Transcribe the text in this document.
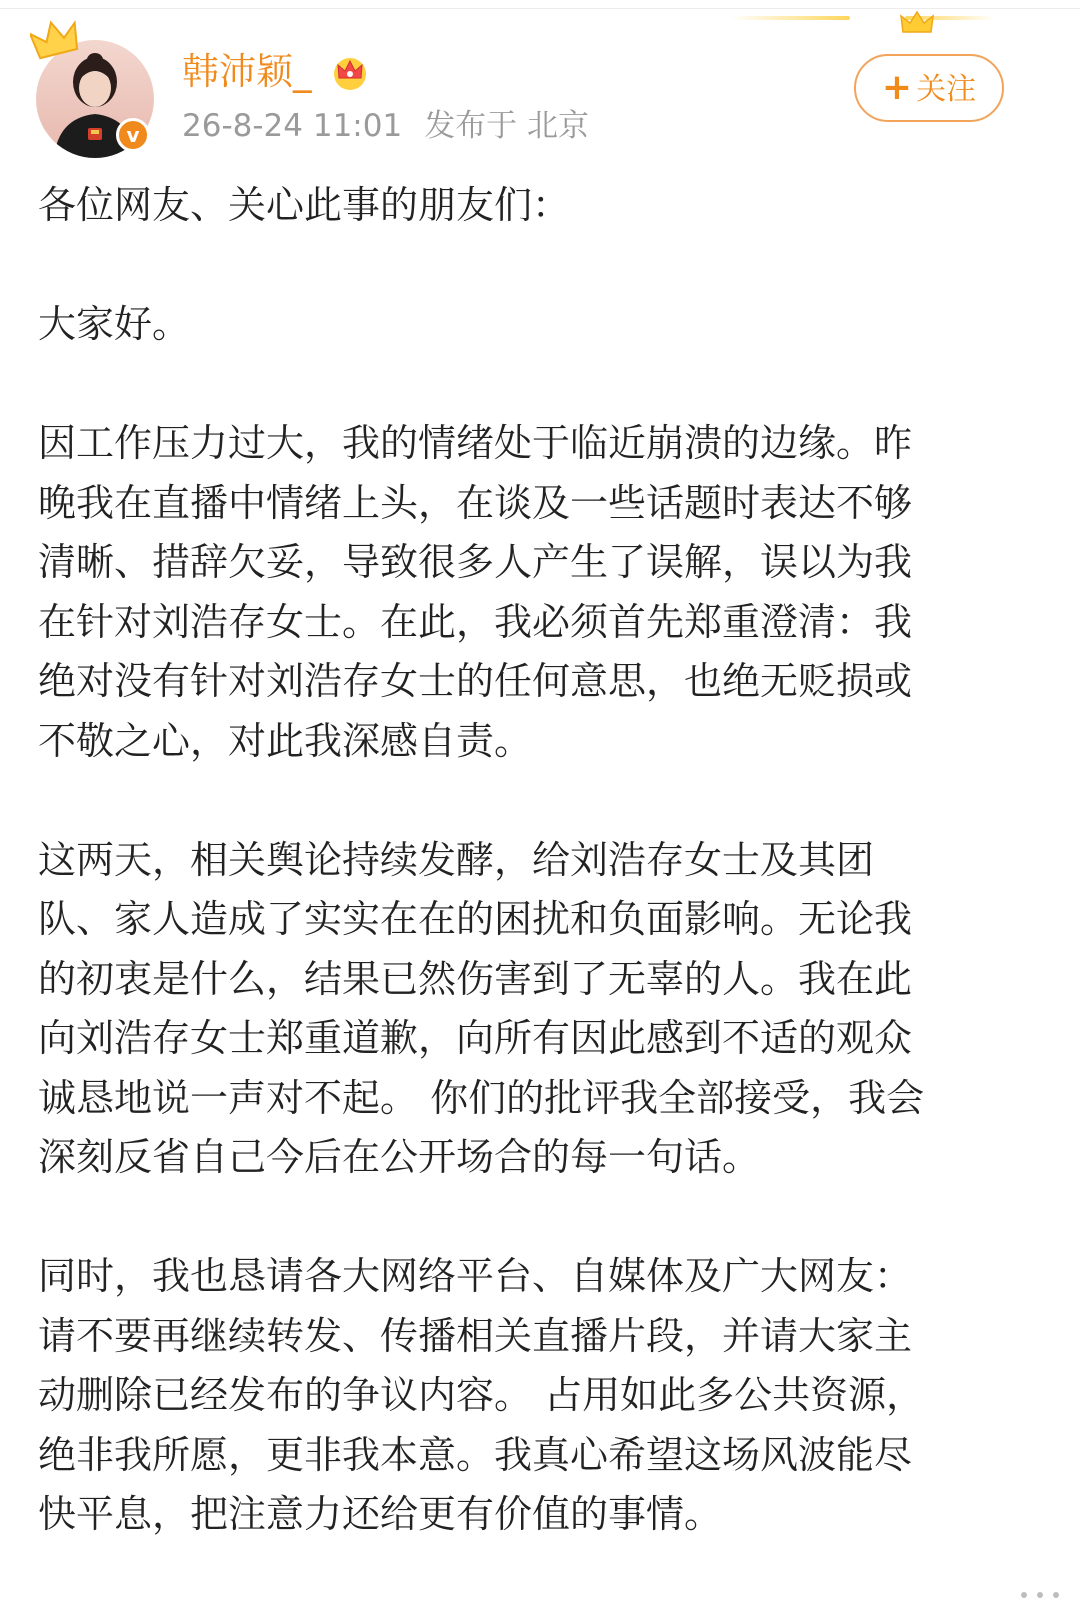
v
韩沛颖_
26-8-24 11:01 发布于 北京
+ 关注

各位网友、关心此事的朋友们：

大家好。

因工作压力过大，我的情绪处于临近崩溃的边缘。昨

晚我在直播中情绪上头，在谈及一些话题时表达不够

清晰、措辞欠妥，导致很多人产生了误解，误以为我

在针对刘浩存女士。在此，我必须首先郑重澄清：我

绝对没有针对刘浩存女士的任何意思，也绝无贬损或

不敬之心，对此我深感自责。

这两天，相关舆论持续发酵，给刘浩存女士及其团

队、家人造成了实实在在的困扰和负面影响。无论我

的初衷是什么，结果已然伤害到了无辜的人。我在此

向刘浩存女士郑重道歉，向所有因此感到不适的观众

诚恳地说一声对不起。 你们的批评我全部接受，我会

深刻反省自己今后在公开场合的每一句话。

同时，我也恳请各大网络平台、自媒体及广大网友：

请不要再继续转发、传播相关直播片段，并请大家主

动删除已经发布的争议内容。 占用如此多公共资源，

绝非我所愿，更非我本意。我真心希望这场风波能尽

快平息，把注意力还给更有价值的事情。
